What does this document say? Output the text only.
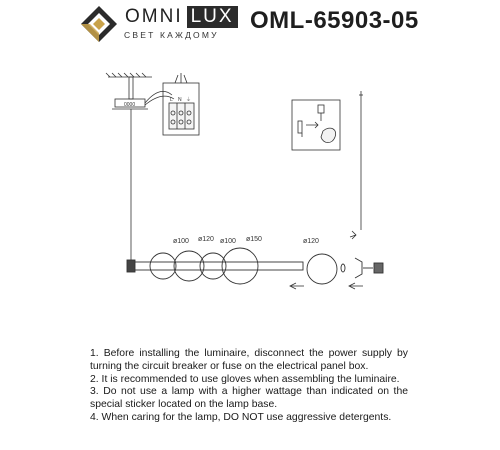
OMNI LUX
СВЕТ КАЖДОМУ
OML-65903-05
0000
L N ⏚
ø100 ø120 ø100 ø150	ø120

1. Before installing the luminaire, disconnect the power supply by turning the circuit breaker or fuse on the electrical panel box.

2. It is recommended to use gloves when assembling the luminaire.

3. Do not use a lamp with a higher wattage than indicated on the special sticker located on the lamp base.

4. When caring for the lamp, DO NOT use aggressive detergents.
